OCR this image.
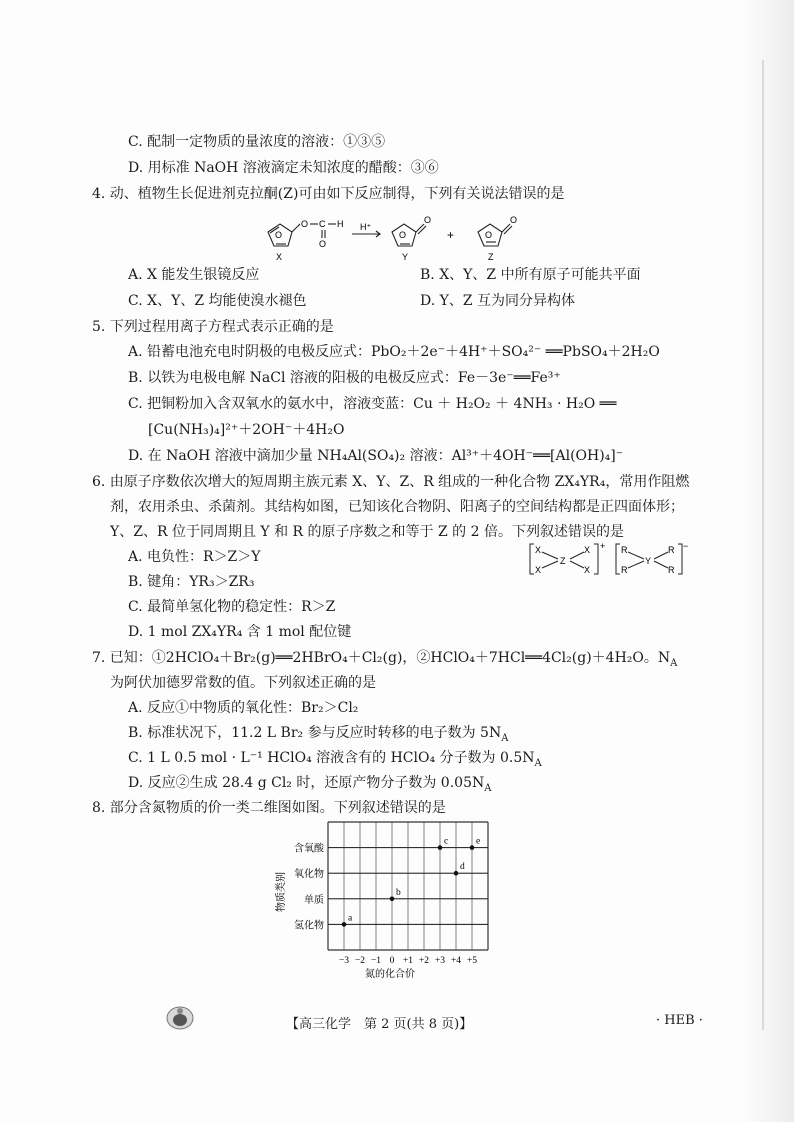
C. 配制一定物质的量浓度的溶液：①③⑤
D. 用标准 NaOH 溶液滴定未知浓度的醋酸：③⑥
4. 动、植物生长促进剂克拉酮(Z)可由如下反应制得，下列有关说法错误的是
O
O C
O
H
X
H⁺
O
O
Y
+	O
O
Z
A. X 能发生银镜反应	B. X、Y、Z 中所有原子可能共平面
C. X、Y、Z 均能使溴水褪色	D. Y、Z 互为同分异构体
5. 下列过程用离子方程式表示正确的是
A. 铅蓄电池充电时阴极的电极反应式：PbO₂＋2e⁻＋4H⁺＋SO₄²⁻ ══PbSO₄＋2H₂O
B. 以铁为电极电解 NaCl 溶液的阳极的电极反应式：Fe－3e⁻══Fe³⁺
C. 把铜粉加入含双氧水的氨水中，溶液变蓝：Cu ＋ H₂O₂ ＋ 4NH₃ · H₂O ══
[Cu(NH₃)₄]²⁺＋2OH⁻＋4H₂O
D. 在 NaOH 溶液中滴加少量 NH₄Al(SO₄)₂ 溶液：Al³⁺＋4OH⁻══[Al(OH)₄]⁻
6. 由原子序数依次增大的短周期主族元素 X、Y、Z、R 组成的一种化合物 ZX₄YR₄，常用作阻燃
剂，农用杀虫、杀菌剂。其结构如图，已知该化合物阴、阳离子的空间结构都是正四面体形；
Y、Z、R 位于同周期且 Y 和 R 的原子序数之和等于 Z 的 2 倍。下列叙述错误的是
A. 电负性：R＞Z＞Y
B. 键角：YR₃＞ZR₃
C. 最简单氢化物的稳定性：R＞Z
D. 1 mol ZX₄YR₄ 含 1 mol 配位键
X
X
Z
X
X
+ R
R
Y
R
R
−
7. 已知：①2HClO₄＋Br₂(g)══2HBrO₄＋Cl₂(g)，②HClO₄＋7HCl══4Cl₂(g)＋4H₂O。$N_A$
为阿伏加德罗常数的值。下列叙述正确的是
A. 反应①中物质的氧化性：Br₂＞Cl₂
B. 标准状况下，11.2 L Br₂ 参与反应时转移的电子数为 $5N_A$
C. 1 L 0.5 mol · L⁻¹ HClO₄ 溶液含有的 HClO₄ 分子数为 $0.5N_A$
D. 反应②生成 28.4 g Cl₂ 时，还原产物分子数为 $0.05N_A$
8. 部分含氮物质的价一类二维图如图。下列叙述错误的是
氢化物
单质
氧化物
含氧酸
−3 −2 −1 0 +1 +2 +3 +4 +5
氮的化合价
物质类别
a
b
c
d
e
【高三化学　第 2 页(共 8 页)】	· HEB ·
